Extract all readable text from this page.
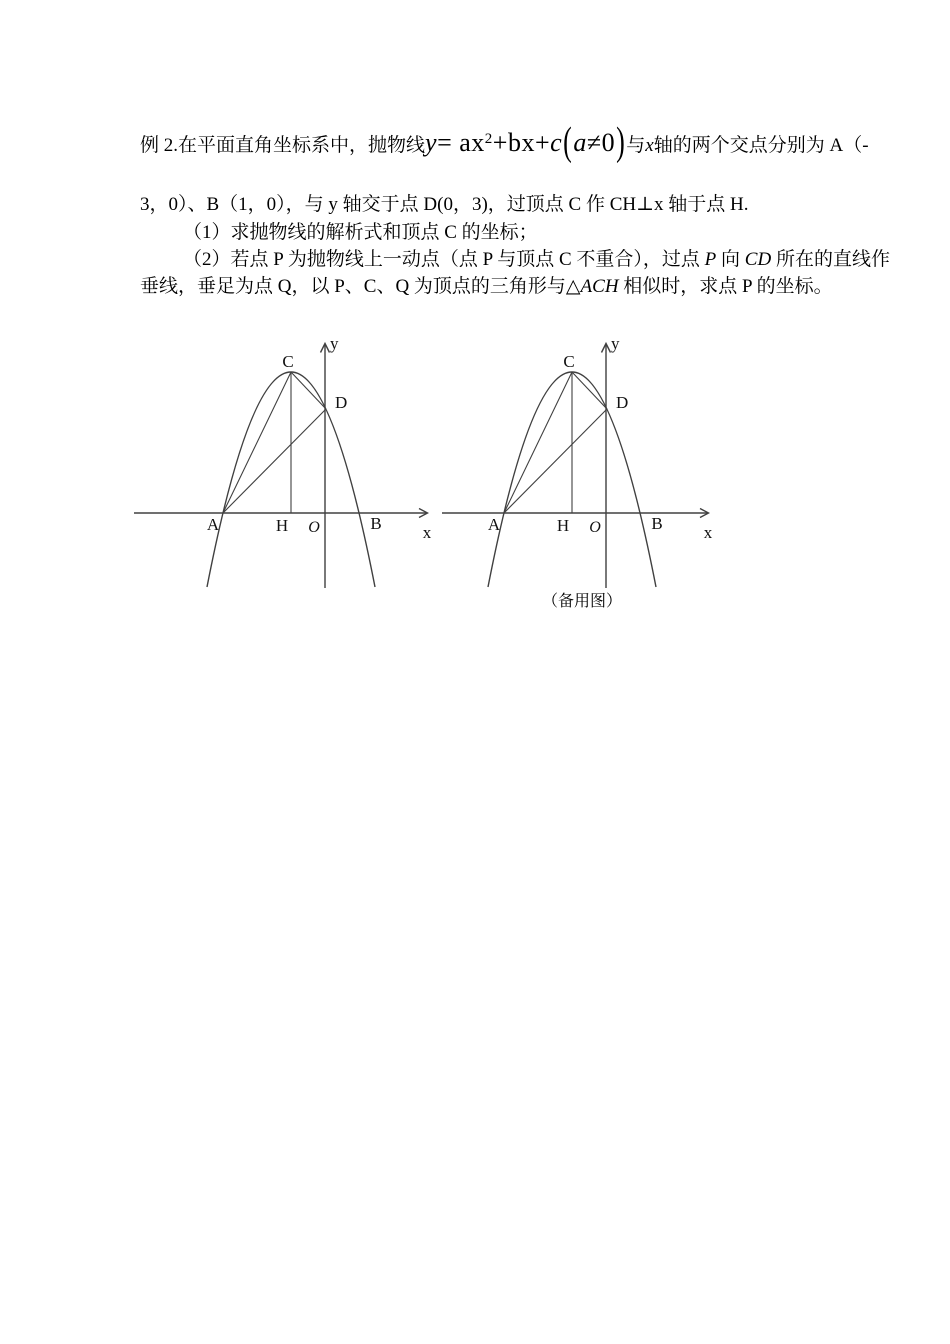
例 2.在平面直角坐标系中，抛物线$y= ax^2+bx+c(a\ne 0)$与x轴的两个交点分别为 A（-
3，0）、B（1，0），与 y 轴交于点 D(0，3)，过顶点 C 作 CH⊥x 轴于点 H.
（1）求抛物线的解析式和顶点 C 的坐标；
（2）若点 P 为抛物线上一动点（点 P 与顶点 C 不重合），过点 P 向 CD 所在的直线作
垂线，垂足为点 Q，以 P、C、Q 为顶点的三角形与△ACH 相似时，求点 P 的坐标。
C
D
A	H O	B
y
x
C
D
A	H O	B
y
x
（备用图）
